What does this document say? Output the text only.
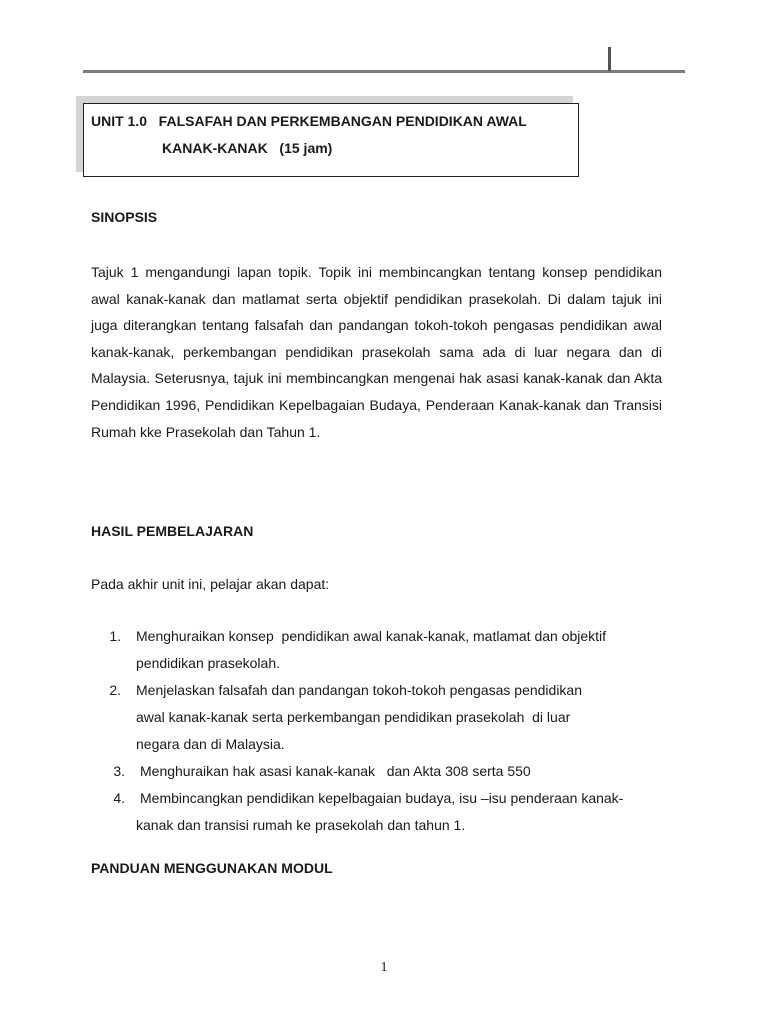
UNIT 1.0   FALSAFAH DAN PERKEMBANGAN PENDIDIKAN AWAL
KANAK-KANAK   (15 jam)
SINOPSIS

Tajuk 1 mengandungi lapan topik. Topik ini membincangkan tentang konsep pendidikan awal kanak-kanak dan matlamat serta objektif pendidikan prasekolah. Di dalam tajuk ini juga diterangkan tentang falsafah dan pandangan tokoh-tokoh pengasas pendidikan awal kanak-kanak, perkembangan pendidikan prasekolah sama ada di luar negara dan di Malaysia. Seterusnya, tajuk ini membincangkan mengenai hak asasi kanak-kanak dan Akta Pendidikan 1996, Pendidikan Kepelbagaian Budaya, Penderaan Kanak-kanak dan Transisi Rumah kke Prasekolah dan Tahun 1.

HASIL PEMBELAJARAN
Pada akhir unit ini, pelajar akan dapat:
1. Menghuraikan konsep  pendidikan awal kanak-kanak, matlamat dan objektif
pendidikan prasekolah.
2. Menjelaskan falsafah dan pandangan tokoh-tokoh pengasas pendidikan
awal kanak-kanak serta perkembangan pendidikan prasekolah  di luar
negara dan di Malaysia.
3. Menghuraikan hak asasi kanak-kanak   dan Akta 308 serta 550
4. Membincangkan pendidikan kepelbagaian budaya, isu –isu penderaan kanak-
kanak dan transisi rumah ke prasekolah dan tahun 1.
PANDUAN MENGGUNAKAN MODUL
1
